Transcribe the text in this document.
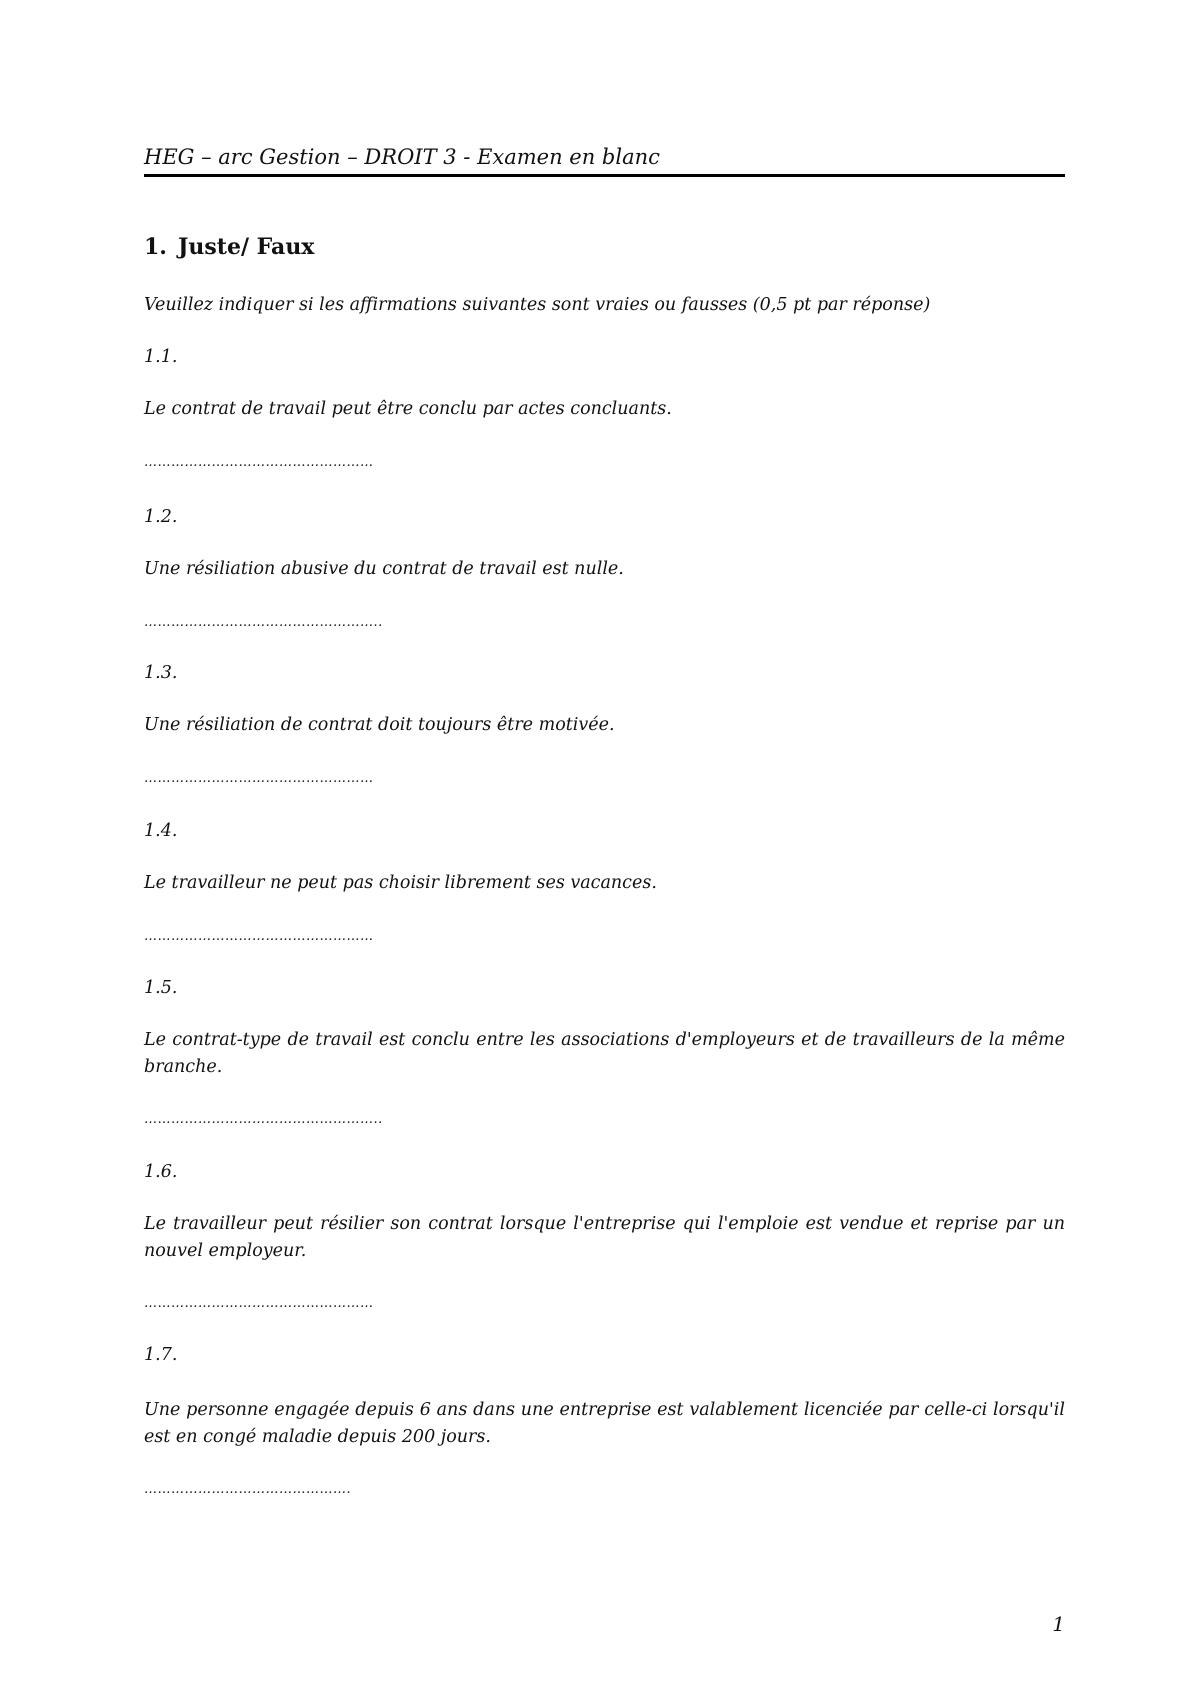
HEG – arc Gestion – DROIT 3 - Examen en blanc
1. Juste/ Faux
Veuillez indiquer si les affirmations suivantes sont vraies ou fausses (0,5 pt par réponse)
1.1.
Le contrat de travail peut être conclu par actes concluants.
……………………………………………
1.2.
Une résiliation abusive du contrat de travail est nulle.
……………………………………………..
1.3.
Une résiliation de contrat doit toujours être motivée.
……………………………………………
1.4.
Le travailleur ne peut pas choisir librement ses vacances.
……………………………………………
1.5.
Le contrat-type de travail est conclu entre les associations d'employeurs et de travailleurs de la même branche.
……………………………………………..
1.6.
Le travailleur peut résilier son contrat lorsque l'entreprise qui l'emploie est vendue et reprise par un nouvel employeur.
……………………………………………
1.7.
Une personne engagée depuis 6 ans dans une entreprise est valablement licenciée par celle-ci lorsqu'il est en congé maladie depuis 200 jours.
……………………………………….
1
